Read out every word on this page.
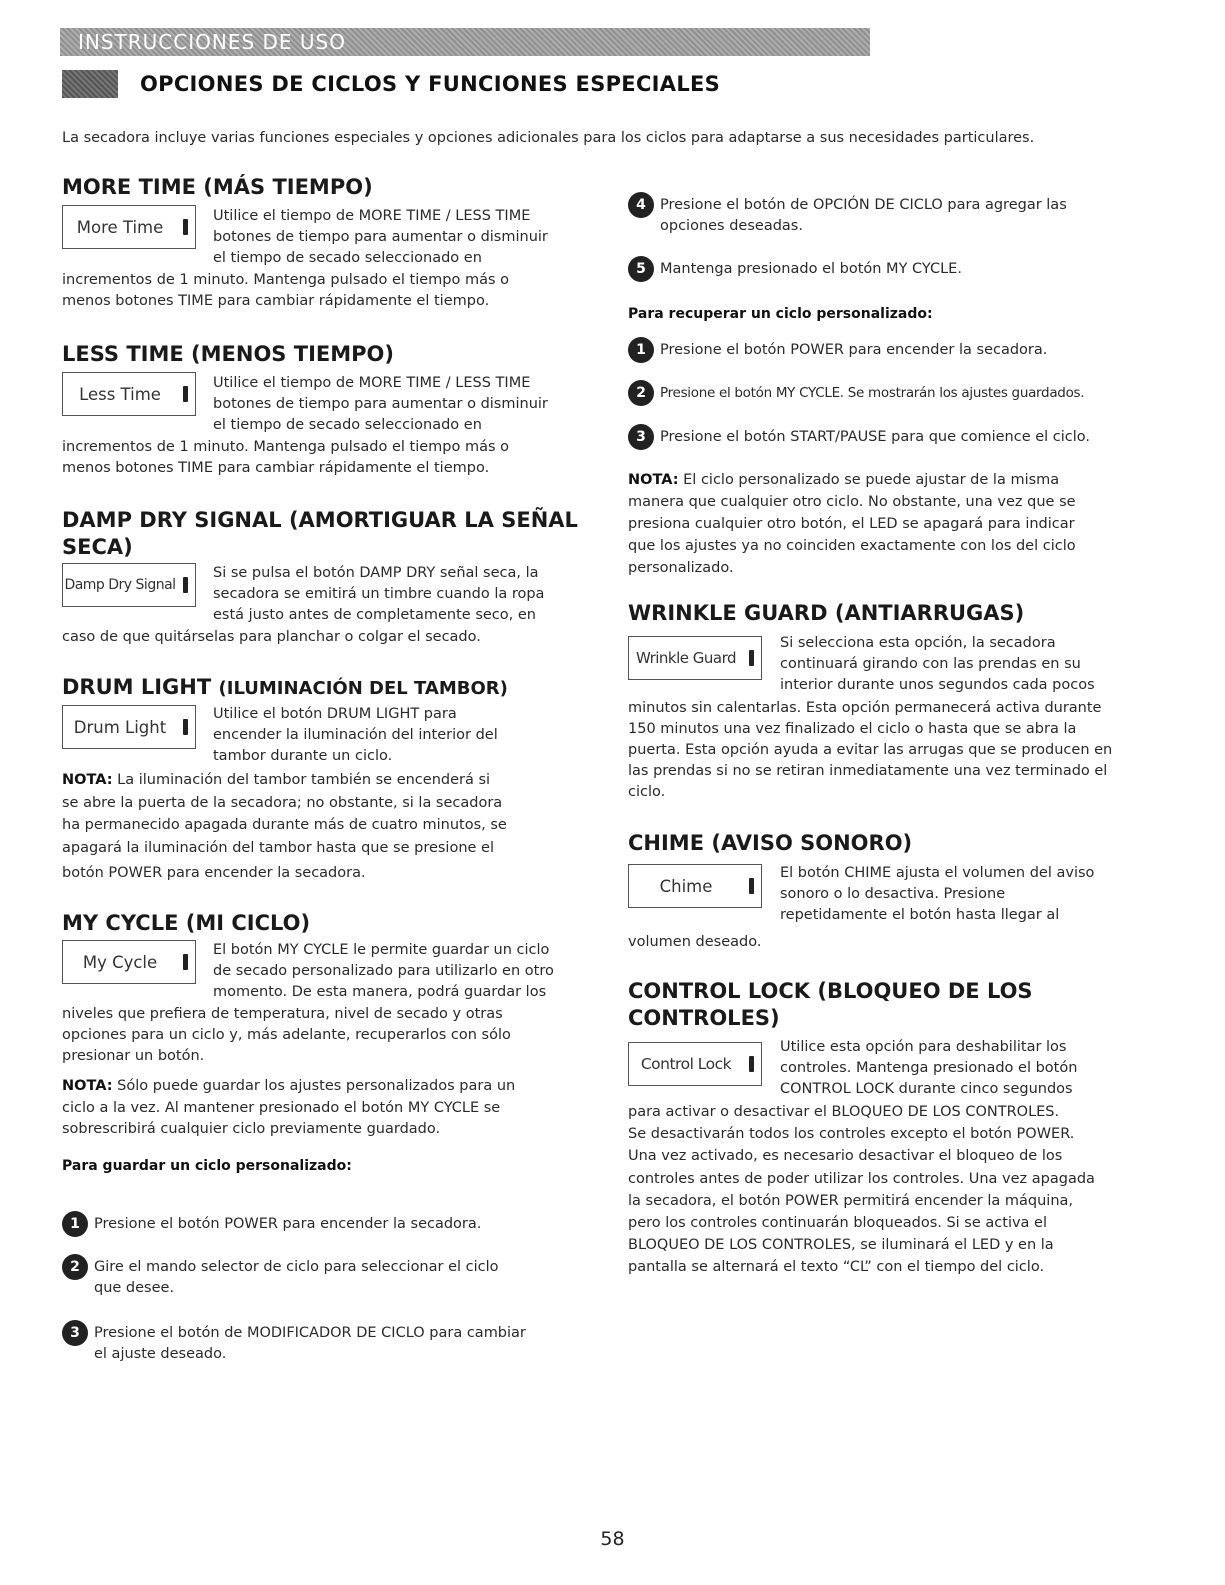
INSTRUCCIONES DE USO
OPCIONES DE CICLOS Y FUNCIONES ESPECIALES
La secadora incluye varias funciones especiales y opciones adicionales para los ciclos para adaptarse a sus necesidades particulares.
MORE TIME (MÁS TIEMPO)
More Time
Utilice el tiempo de MORE TIME / LESS TIME
botones de tiempo para aumentar o disminuir
el tiempo de secado seleccionado en
incrementos de 1 minuto. Mantenga pulsado el tiempo más o
menos botones TIME para cambiar rápidamente el tiempo.
LESS TIME (MENOS TIEMPO)
Less Time
Utilice el tiempo de MORE TIME / LESS TIME
botones de tiempo para aumentar o disminuir
el tiempo de secado seleccionado en
incrementos de 1 minuto. Mantenga pulsado el tiempo más o
menos botones TIME para cambiar rápidamente el tiempo.
DAMP DRY SIGNAL (AMORTIGUAR LA SEÑAL
SECA)
Damp Dry Signal
Si se pulsa el botón DAMP DRY señal seca, la
secadora se emitirá un timbre cuando la ropa
está justo antes de completamente seco, en
caso de que quitárselas para planchar o colgar el secado.
DRUM LIGHT (ILUMINACIÓN DEL TAMBOR)
Drum Light
Utilice el botón DRUM LIGHT para
encender la iluminación del interior del
tambor durante un ciclo.
NOTA: La iluminación del tambor también se encenderá si
se abre la puerta de la secadora; no obstante, si la secadora
ha permanecido apagada durante más de cuatro minutos, se
apagará la iluminación del tambor hasta que se presione el
botón POWER para encender la secadora.
MY CYCLE (MI CICLO)
My Cycle
El botón MY CYCLE le permite guardar un ciclo
de secado personalizado para utilizarlo en otro
momento. De esta manera, podrá guardar los
niveles que prefiera de temperatura, nivel de secado y otras
opciones para un ciclo y, más adelante, recuperarlos con sólo
presionar un botón.
NOTA: Sólo puede guardar los ajustes personalizados para un
ciclo a la vez. Al mantener presionado el botón MY CYCLE se
sobrescribirá cualquier ciclo previamente guardado.
Para guardar un ciclo personalizado:
1 Presione el botón POWER para encender la secadora.
2 Gire el mando selector de ciclo para seleccionar el ciclo
que desee.
3 Presione el botón de MODIFICADOR DE CICLO para cambiar
el ajuste deseado.
4 Presione el botón de OPCIÓN DE CICLO para agregar las
opciones deseadas.
5 Mantenga presionado el botón MY CYCLE.
Para recuperar un ciclo personalizado:
1 Presione el botón POWER para encender la secadora.
2	Presione el botón MY CYCLE. Se mostrarán los ajustes guardados.
3 Presione el botón START/PAUSE para que comience el ciclo.
NOTA: El ciclo personalizado se puede ajustar de la misma
manera que cualquier otro ciclo. No obstante, una vez que se
presiona cualquier otro botón, el LED se apagará para indicar
que los ajustes ya no coinciden exactamente con los del ciclo
personalizado.
WRINKLE GUARD (ANTIARRUGAS)
Wrinkle Guard
Si selecciona esta opción, la secadora
continuará girando con las prendas en su
interior durante unos segundos cada pocos
minutos sin calentarlas. Esta opción permanecerá activa durante
150 minutos una vez finalizado el ciclo o hasta que se abra la
puerta. Esta opción ayuda a evitar las arrugas que se producen en
las prendas si no se retiran inmediatamente una vez terminado el
ciclo.
CHIME (AVISO SONORO)
Chime
El botón CHIME ajusta el volumen del aviso
sonoro o lo desactiva. Presione
repetidamente el botón hasta llegar al
volumen deseado.
CONTROL LOCK (BLOQUEO DE LOS
CONTROLES)
Control Lock
Utilice esta opción para deshabilitar los
controles. Mantenga presionado el botón
CONTROL LOCK durante cinco segundos
para activar o desactivar el BLOQUEO DE LOS CONTROLES.
Se desactivarán todos los controles excepto el botón POWER.
Una vez activado, es necesario desactivar el bloqueo de los
controles antes de poder utilizar los controles. Una vez apagada
la secadora, el botón POWER permitirá encender la máquina,
pero los controles continuarán bloqueados. Si se activa el
BLOQUEO DE LOS CONTROLES, se iluminará el LED y en la
pantalla se alternará el texto “CL” con el tiempo del ciclo.
58
